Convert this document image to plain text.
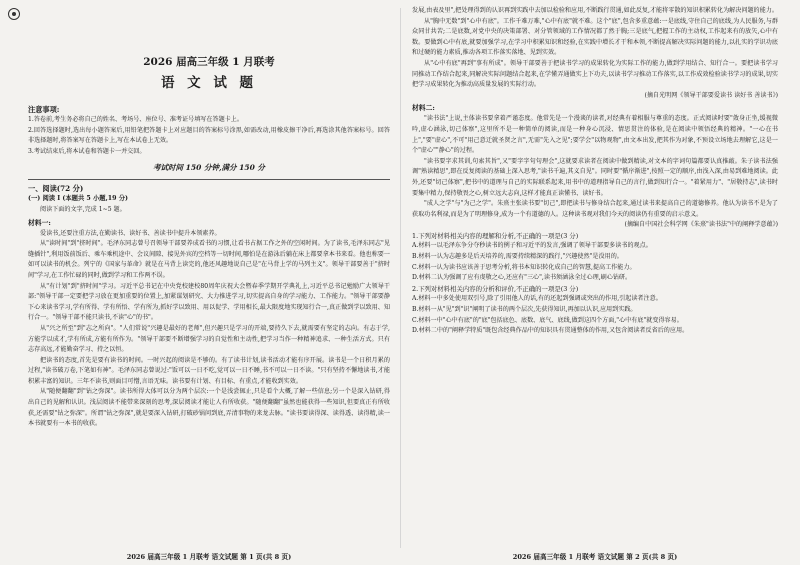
2026 届高三年级 1 月联考
语 文 试 题
注意事项:

1.答卷前,考生务必将自己的姓名、考场号、座位号、准考证号填写在答题卡上。

2.回答选择题时,选出每小题答案后,用铅笔把答题卡上对应题目的答案标号涂黑,如需改动,用橡皮擦干净后,再选涂其他答案标号。回答非选择题时,将答案写在答题卡上,写在本试卷上无效。

3.考试结束后,将本试卷和答题卡一并交回。

考试时间 150 分钟,满分 150 分
一、阅读(72 分)
(一) 阅读 I (本题共 5 小题,19 分)

阅读下面的文字,完成 1~5 题。

材料一:

爱读书,还要注重方法,在勤读书、读好书、善读书中提升本领素养。

从"读时间"到"挤时间"。毛泽东同志曾号召领导干部要养成看书的习惯,让看书占据工作之外的空闲时间。为了读书,毛泽东同志"见缝插针",利用饭前饭后、乘车乘机途中、会议间隙、接见外宾的空档等一切时间,哪怕是在游泳后躺在床上都要拿本书来看。他也称要一如可以读书的机会。列宁的《国家与革命》就是在马背上读完的,他还风趣地说自己是"在马背上学的马列主义"。领导干部要善于"挤时间"学习,在工作忙碌的同时,做到学习和工作两不误。

从"有计划"到"挤时间"学习。习近平总书记在中央党校建校80周年庆祝大会暨春季学期开学典礼上,习近平总书记勉励广大领导干部:"领导干部一定要把学习放在更加重要的位置上,加紧谋划研究、大力推进学习,切实提高自身的学习能力、工作能力。"领导干部要静下心来读书学习,学有所得、学有所悟、学有所为,抓好学以致用、用以促学、学用相长,最大限度地实现知行合一,真正做到学以致用、知行合一。"领导干部不能只读书,不读"心"的书"。

从"兴之所至"到"志之所向"。"人们常说"兴趣是最好的老师",但兴趣只是学习的开端,要持久下去,就需要有坚定的志向。有志于学,方能学以成才,学有所成,方能有所作为。"领导干部要不断增强学习的自觉性和主动性,把学习当作一种精神追求、一种生活方式。只有志存高远,才能勤奋学习、持之以恒。

把读书的态度,首先是要有读书的时间。一时兴起的阅读是不够的。有了读书计划,读书活动才能有序开展。读书是一个日积月累的过程,"读书破万卷,下笔如有神"。毛泽东同志曾说过:"饭可以一日不吃,觉可以一日不睡,书不可以一日不读。"只有坚持不懈地读书,才能积累丰富的知识。三年不读书,则面目可憎,言语无味。读书要有计划、有目标、有重点,才能收到实效。

从"随便翻翻"到"钻之弥深"。读书所得大体可以分为两个层次:一个是浅尝辄止,只是看个大概,了解一些信息;另一个是深入钻研,得出自己的见解和认识。浅层阅读不能带来深刻的思考,深层阅读才能让人有所收获。"随便翻翻"虽然也能获得一些知识,但要真正有所收获,还需要"钻之弥深"。所谓"钻之弥深",就是要深入钻研,打破砂锅问到底,弄清事物的来龙去脉。"读书要读得深、读得透、读得精,读一本书就要有一本书的收获。

发展,由表及里",把处理得到的认识再到实践中去加以检验和应用,不断践行贯通,如此反复,才能将零散的知识积累转化为解决问题的能力。

从"胸中无数"到"心中有底"。工作千难万难,"心中有底"就不难。这个"底",包含多重意蕴:一是底线,守住自己的底线,为人民服务,与群众同甘共苦;二是底数,对党中央的决策部署、对分管领域的工作情况都了然于胸;三是底气,把握工作的主动权,工作起来有的放矢,心中有数。要做到心中有底,就要加强学习,在学习中积累知识和经验,在实践中增长才干和本领,不断提高解决实际问题的能力,以扎实的学识功底和过硬的能力素质,推动各项工作落实落地、见到实效。

从"心中有底"再到"事有所成"。领导干部要善于把读书学习的成果转化为实际工作的能力,做到学用结合、知行合一。要把读书学习同推动工作结合起来,同解决实际问题结合起来,在学懂弄通做实上下功夫,以读书学习推动工作落实,以工作成效检验读书学习的成果,切实把学习成果转化为推动高质量发展的实际行动。

(摘自光明网《领导干部要爱读书 读好书 善读书》)
材料二:

"读书法"上说,主体读书要拿着严谨态度。他常先是一个漫谈的读者,对经典有着相服与尊重的态度。正式阅读时要"敛身正坐,缓视微吟,虚心涵泳,切己体察",这里所不是一种简单的阅读,而是一种身心沉浸、情思贯注的体验,是在阅读中领悟经典的精神。"一心在书上","要"虚心",不可"用己意迁就圣贤之言",无需"先入之见";要学会"以物观物",由文本出发,把其作为对象,不预设立场地去理解它,这是一个"虚心""静心"的过程。

"读书要字求其训,句索其旨",又"要字字句句理会",这就要求读者在阅读中做到精读,对文本的字词句篇都要认真推敲。朱子读书法强调"熟读精思",即在反复阅读的基础上深入思考,"读书千遍,其义自见"。同时要"循序渐进",按照一定的顺序,由浅入深,由易到难地阅读。此外,还要"切己体察",把书中的道理与自己的实际联系起来,用书中的道理指导自己的言行,做到知行合一。"着紧用力"、"居敬持志",读书时要集中精力,保持敬畏之心,树立远大志向,这样才能真正读懂书、读好书。

"成人之学"与"为己之学"。朱熹主张读书要"切己",即把读书与修身结合起来,通过读书来提高自己的道德修养。他认为读书不是为了获取功名利禄,而是为了明理修身,成为一个有道德的人。这种读书观对我们今天的阅读仍有重要的启示意义。

(摘编自中国社会科学网《朱熹"读书法"中的阐释学意蕴》)

1.下列对材料相关内容的理解和分析,不正确的一项是(3 分)

A.材料一以毛泽东争分夺秒读书的例子和习近平的发言,强调了领导干部要多读书的观点。

B.材料一认为志趣多是后天培养的,需要持续精深的践行,"兴趣使然"是没用的。

C.材料一认为读书应该善于思考分析,将书本知识转化成自己的智慧,提高工作能力。

D.材料二认为强调了应有虔敬之心,还应有"三心",读书须涵泳全过心理,刷心钻研。

2.下列对材料相关内容的分析和评价,不正确的一项是(3 分)

A.材料一中多处使用双引号,除了引用他人的话,有的还起到强调或突出的作用,引起读者注意。

B.材料一从"见"到"识"阐明了读书的两个层次,先获得知识,再加以认识,应用到实践。

C.材料一中"心中有底"的"底"包括底色、底数、底气、底线,做到这四个方面,"心中有底"就变得容易。

D.材料二中的"阐释学特质"既包含经典作品中的知识具有贯通整体的作用,又包含阅读者反省后的应用。

2026 届高三年级 1 月联考 语文试题 第 1 页(共 8 页)	2026 届高三年级 1 月联考 语文试题 第 2 页(共 8 页)
